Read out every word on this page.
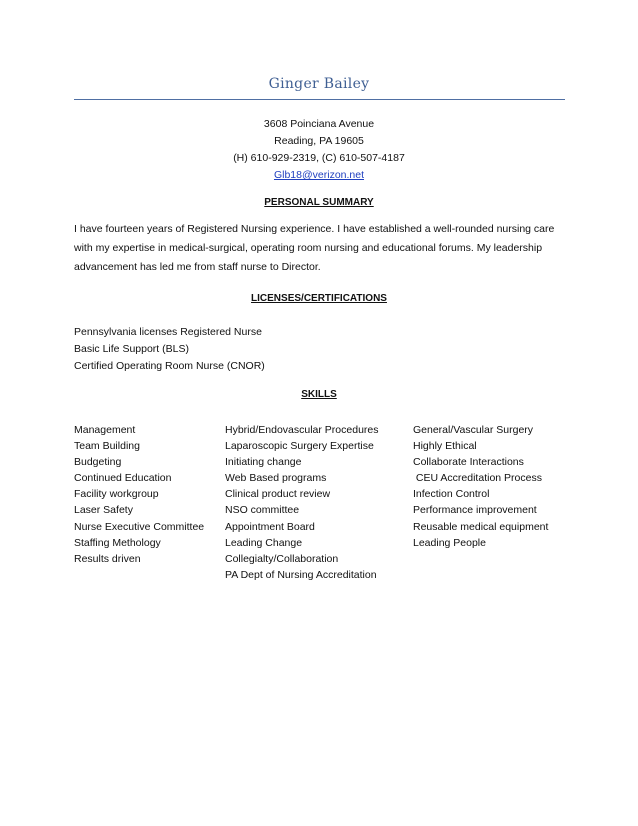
Ginger Bailey
3608 Poinciana Avenue
Reading, PA 19605
(H) 610-929-2319, (C) 610-507-4187
Glb18@verizon.net
PERSONAL SUMMARY
I have fourteen years of Registered Nursing experience. I have established a well-rounded nursing care with my expertise in medical-surgical, operating room nursing and educational forums. My leadership advancement has led me from staff nurse to Director.
LICENSES/CERTIFICATIONS
Pennsylvania licenses Registered Nurse
Basic Life Support (BLS)
Certified Operating Room Nurse (CNOR)
SKILLS
Management
Team Building
Budgeting
Continued Education
Facility workgroup
Laser Safety
Nurse Executive Committee
Staffing Methology
Results driven
Hybrid/Endovascular Procedures
Laparoscopic Surgery Expertise
Initiating change
Web Based programs
Clinical product review
NSO committee
Appointment Board
Leading Change
Collegialty/Collaboration
PA Dept of Nursing Accreditation
General/Vascular Surgery
Highly Ethical
Collaborate Interactions
CEU Accreditation Process
Infection Control
Performance improvement
Reusable medical equipment
Leading People
